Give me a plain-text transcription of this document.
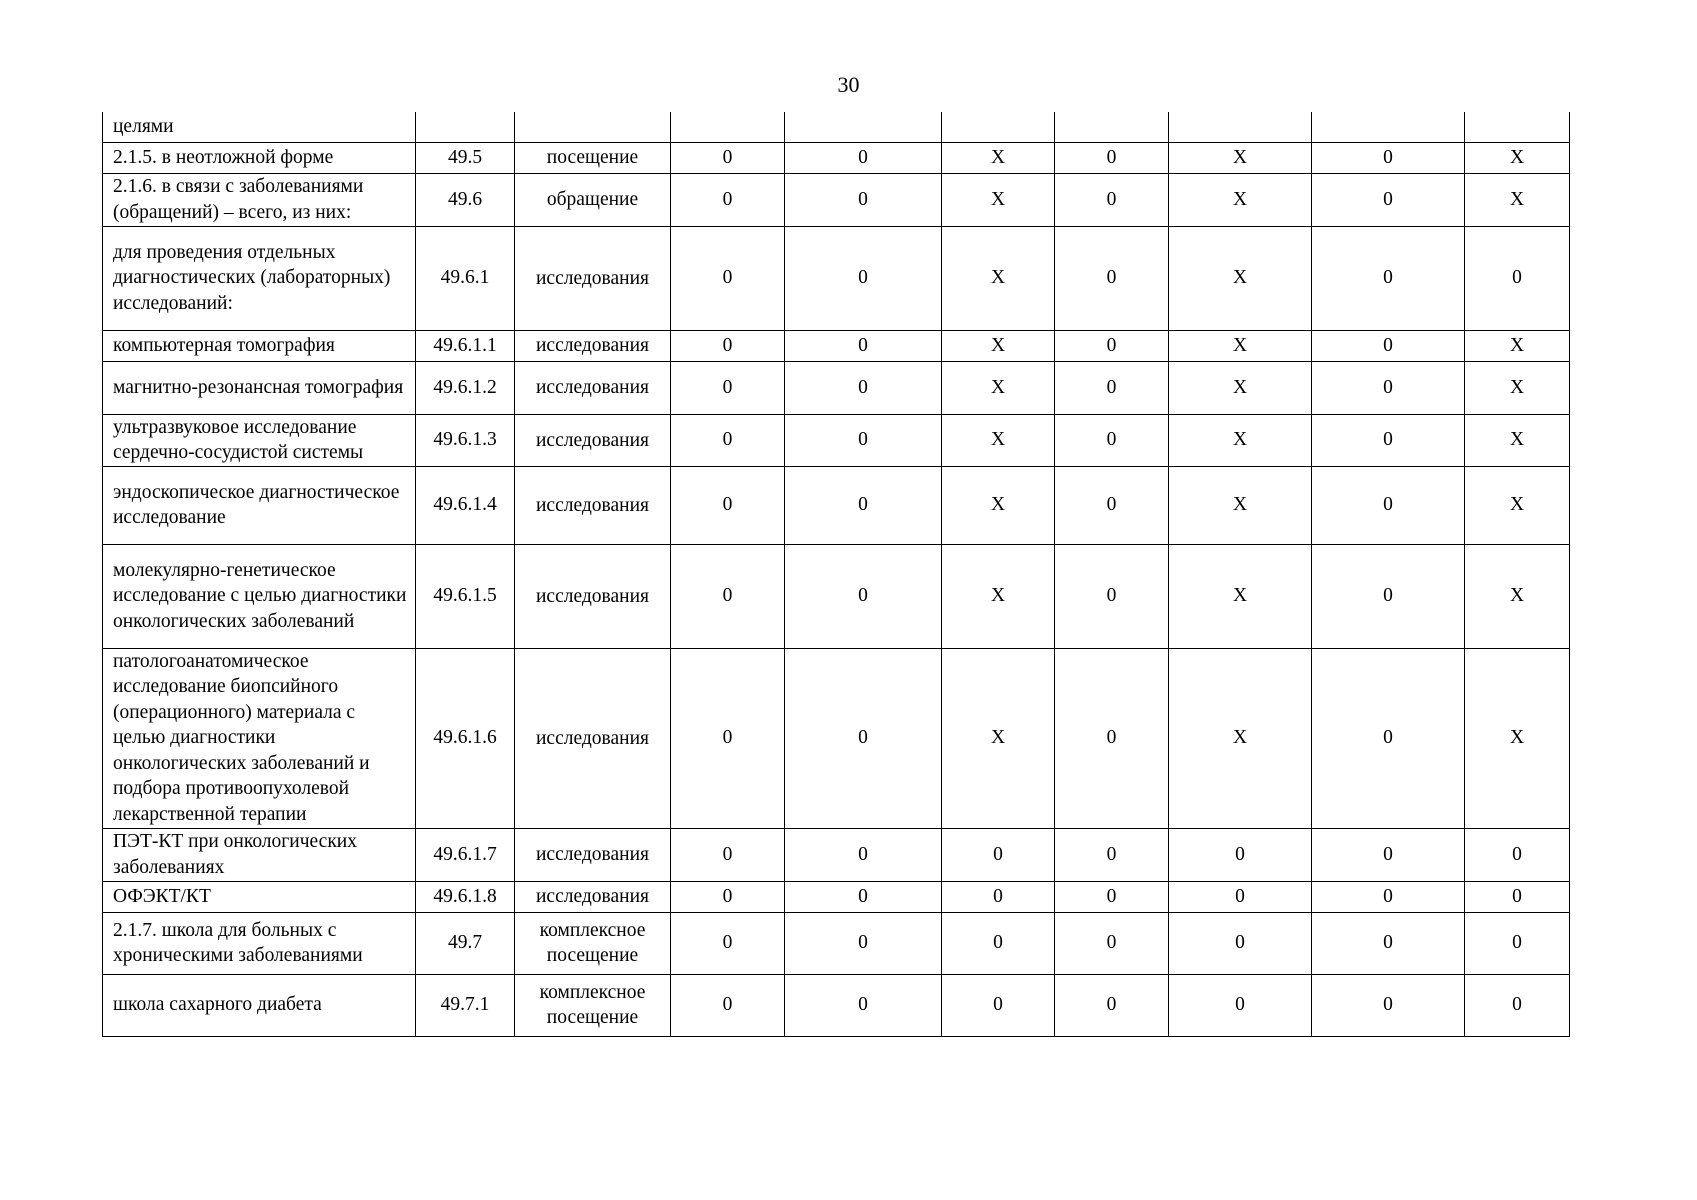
30
целями									
2.1.5. в неотложной форме	49.5	посещение	0	0	X	0	X	0	X
2.1.6. в связи с заболеваниями (обращений) – всего, из них:	49.6	обращение	0	0	X	0	X	0	X
для проведения отдельных диагностических (лабораторных) исследований:	49.6.1	исследования	0	0	X	0	X	0	0
компьютерная томография	49.6.1.1	исследования	0	0	X	0	X	0	X
магнитно-резонансная томография	49.6.1.2	исследования	0	0	X	0	X	0	X
ультразвуковое исследование сердечно-сосудистой системы	49.6.1.3	исследования	0	0	X	0	X	0	X
эндоскопическое диагностическое исследование	49.6.1.4	исследования	0	0	X	0	X	0	X
молекулярно-генетическое исследование с целью диагностики онкологических заболеваний	49.6.1.5	исследования	0	0	X	0	X	0	X
патологоанатомическое исследование биопсийного (операционного) материала с целью диагностики онкологических заболеваний и подбора противоопухолевой лекарственной терапии	49.6.1.6	исследования	0	0	X	0	X	0	X
ПЭТ-КТ при онкологических заболеваниях	49.6.1.7	исследования	0	0	0	0	0	0	0
ОФЭКТ/КТ	49.6.1.8	исследования	0	0	0	0	0	0	0
2.1.7. школа для больных с хроническими заболеваниями	49.7	комплексное посещение	0	0	0	0	0	0	0
школа сахарного диабета	49.7.1	комплексное посещение	0	0	0	0	0	0	0
